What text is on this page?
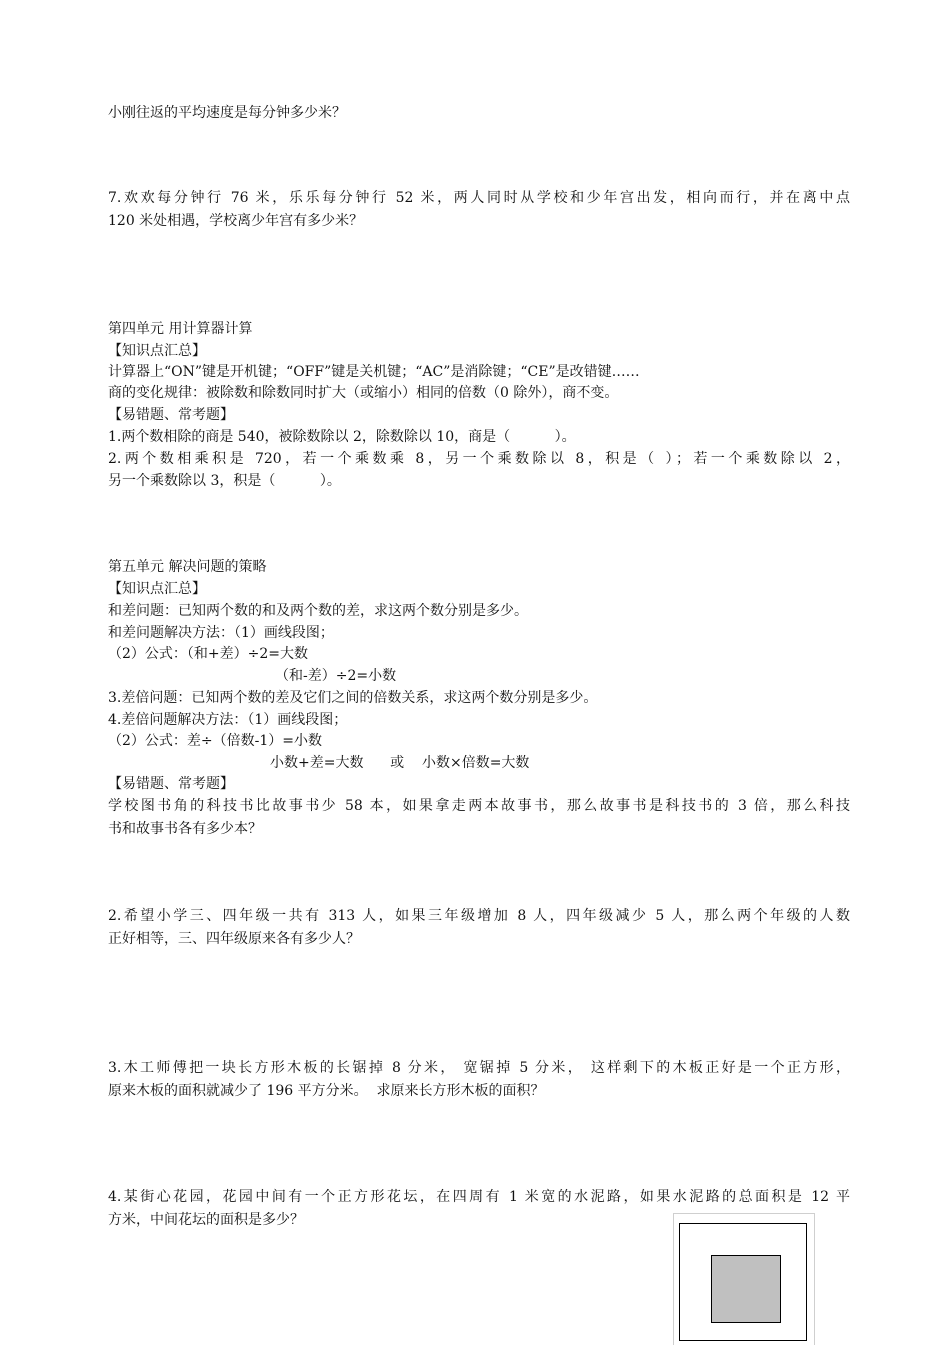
小刚往返的平均速度是每分钟多少米？
7.欢欢每分钟行 76 米，乐乐每分钟行 52 米，两人同时从学校和少年宫出发，相向而行，并在离中点
120 米处相遇，学校离少年宫有多少米？
第四单元 用计算器计算
【知识点汇总】
计算器上“ON”键是开机键；“OFF”键是关机键；“AC”是消除键；“CE”是改错键……
商的变化规律：被除数和除数同时扩大（或缩小）相同的倍数（0 除外），商不变。
【易错题、常考题】
1.两个数相除的商是 540，被除数除以 2，除数除以 10，商是（          ）。
2.两个数相乘积是 720，若一个乘数乘 8，另一个乘数除以 8，积是（ ）；若一个乘数除以 2，
另一个乘数除以 3，积是（          ）。
第五单元 解决问题的策略
【知识点汇总】
和差问题：已知两个数的和及两个数的差，求这两个数分别是多少。
和差问题解决方法：（1）画线段图；
（2）公式：（和+差）÷2=大数
（和-差）÷2=小数
3.差倍问题：已知两个数的差及它们之间的倍数关系，求这两个数分别是多少。
4.差倍问题解决方法：（1）画线段图；
（2）公式：差÷（倍数-1）=小数
小数+差=大数      或    小数×倍数=大数
【易错题、常考题】
学校图书角的科技书比故事书少 58 本，如果拿走两本故事书，那么故事书是科技书的 3 倍，那么科技
书和故事书各有多少本？
2.希望小学三、四年级一共有 313 人，如果三年级增加 8 人，四年级减少 5 人，那么两个年级的人数
正好相等，三、四年级原来各有多少人？
3.木工师傅把一块长方形木板的长锯掉 8 分米， 宽锯掉 5 分米， 这样剩下的木板正好是一个正方形，
原来木板的面积就减少了 196 平方分米。  求原来长方形木板的面积？
4.某街心花园，花园中间有一个正方形花坛，在四周有 1 米宽的水泥路，如果水泥路的总面积是 12 平
方米，中间花坛的面积是多少？
